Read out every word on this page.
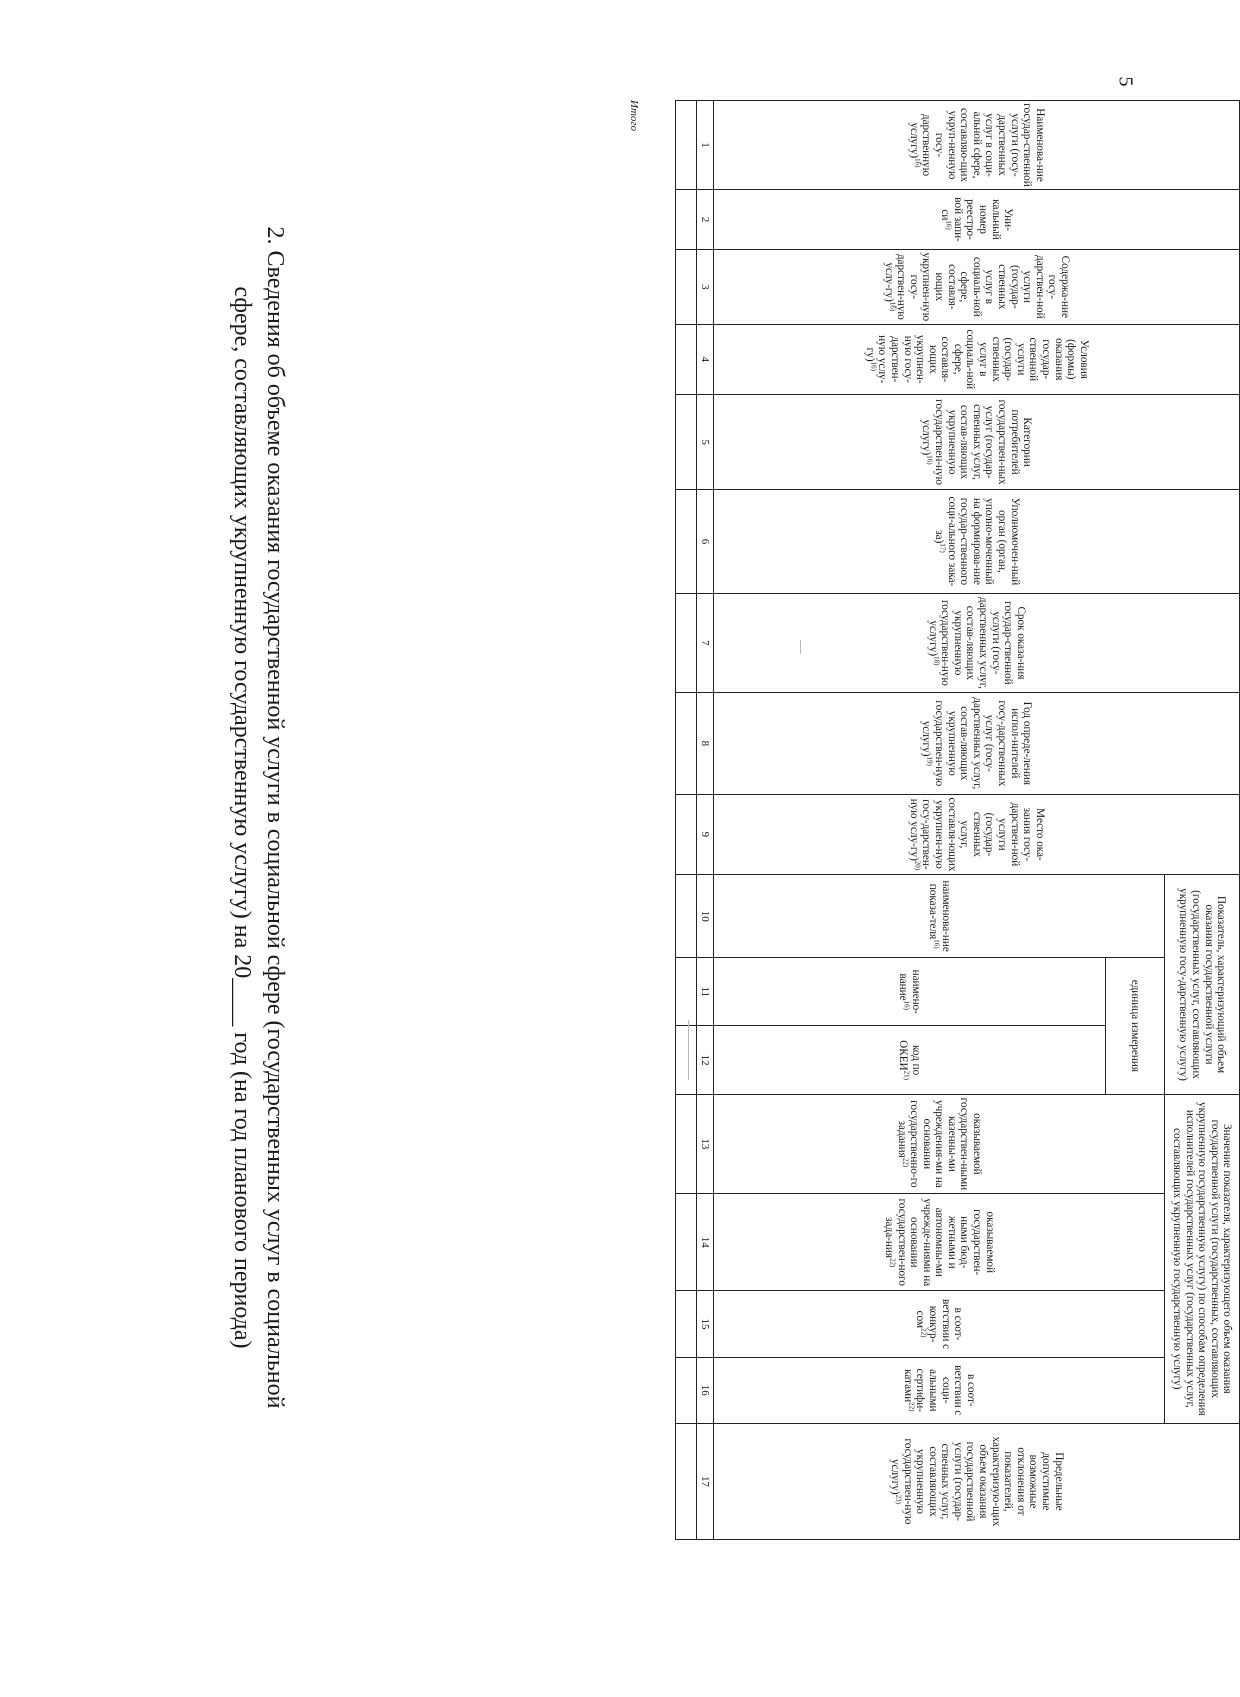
5
2. Сведения об объеме оказания государственной услуги в социальной сфере (государственных услуг в социальной
сфере, составляющих укрупненную государственную услугу) на 20____ год (на год планового периода)
Наименова-ние государ-ственной услуги (госу-дарственных услуг в соци-альной сфере, составляю-щих укруп-ненную госу-дарственную услугу)$^{16)}$	Уни-кальный номер реестро-вой запи-$си^{16)}$	Содержа-ние госу-дарствен-ной услуги (государ-ственных услуг в социаль-ной сфере, составля-ющих укрупнен-ную госу-дарствен-ную услу-гу)$^{16)}$	Условия (формы) оказания государ-ственной услуги (государ-ственных услуг в социаль-ной сфере, составля-ющих укрупнен-ную госу-дарствен-ную услу-гу)$^{16)}$	Категории потребителей государствен-ных услуг (государ-ственных услуг, состав-ляющих укрупненную государствен-ную услугу)$^{16)}$	Уполномочен-ный орган (орган, уполно-моченный на формирова-ние государ-ственного соци-ального зака-за)$^{17)}$	Срок оказа-ния государ-ственной услуги (госу-дарственных услуг, состав-ляющих укрупненную государствен-ную услугу)$^{18)}$	Год опреде-ления испол-нителей госу-дарственных услуг (госу-дарственных услуг, состав-ляющих укрупненную государствен-ную услугу)$^{19)}$	Место ока-зания госу-дарствен-ной услуги (государ-ственных услуг, составля-ющих укрупнен-ную госу-дарствен-ную услу-гу)$^{20)}$	Показатель, характеризующий объем оказания государственной услуги (государственных услуг, составляющих укрупненную госу-дарственную услугу)			Значение показателя, характеризующего объем оказания государственной услуги (государственных, составляющих укрупненную государственную услугу) по способам определения исполнителей государственных услуг (государственных услуг, составляющих укрупненную государственную услугу)				Предельные допустимые возможные отклонения от показателей, характеризую-щих объем оказания государственной услуги (государ-ственных услуг, составляющих укрупненную государствен-ную услугу)$^{23)}$
									наименова-ние показа-теля$^{16)}$	единица измерения		оказываемой государствен-ными казенны-ми учреждения-ми на основании государственно-го задания$^{22)}$	оказываемой государствен-ными бюд-жетными и автономны-ми учрежде-ниями на основании государствен-ного зада-ния$^{22)}$	в соот-ветствии с конкур-сом$^{22)}$	в соот-ветствии с соци-альными сертифи-катами$^{22)}$
										наимено-вание$^{16)}$	код по ОКЕИ$^{21)}$
1	2	3	4	5	6	7	8	9	10	11	12	13	14	15	16	17

Итого
